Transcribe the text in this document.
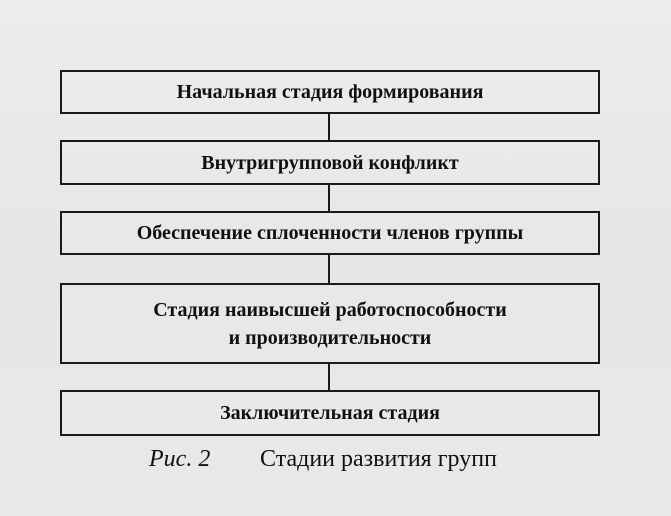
Начальная стадия формирования
Внутригрупповой конфликт
Обеспечение сплоченности членов группы
Стадия наивысшей работоспособности
и производительности
Заключительная стадия
Рис. 2 Стадии развития групп
